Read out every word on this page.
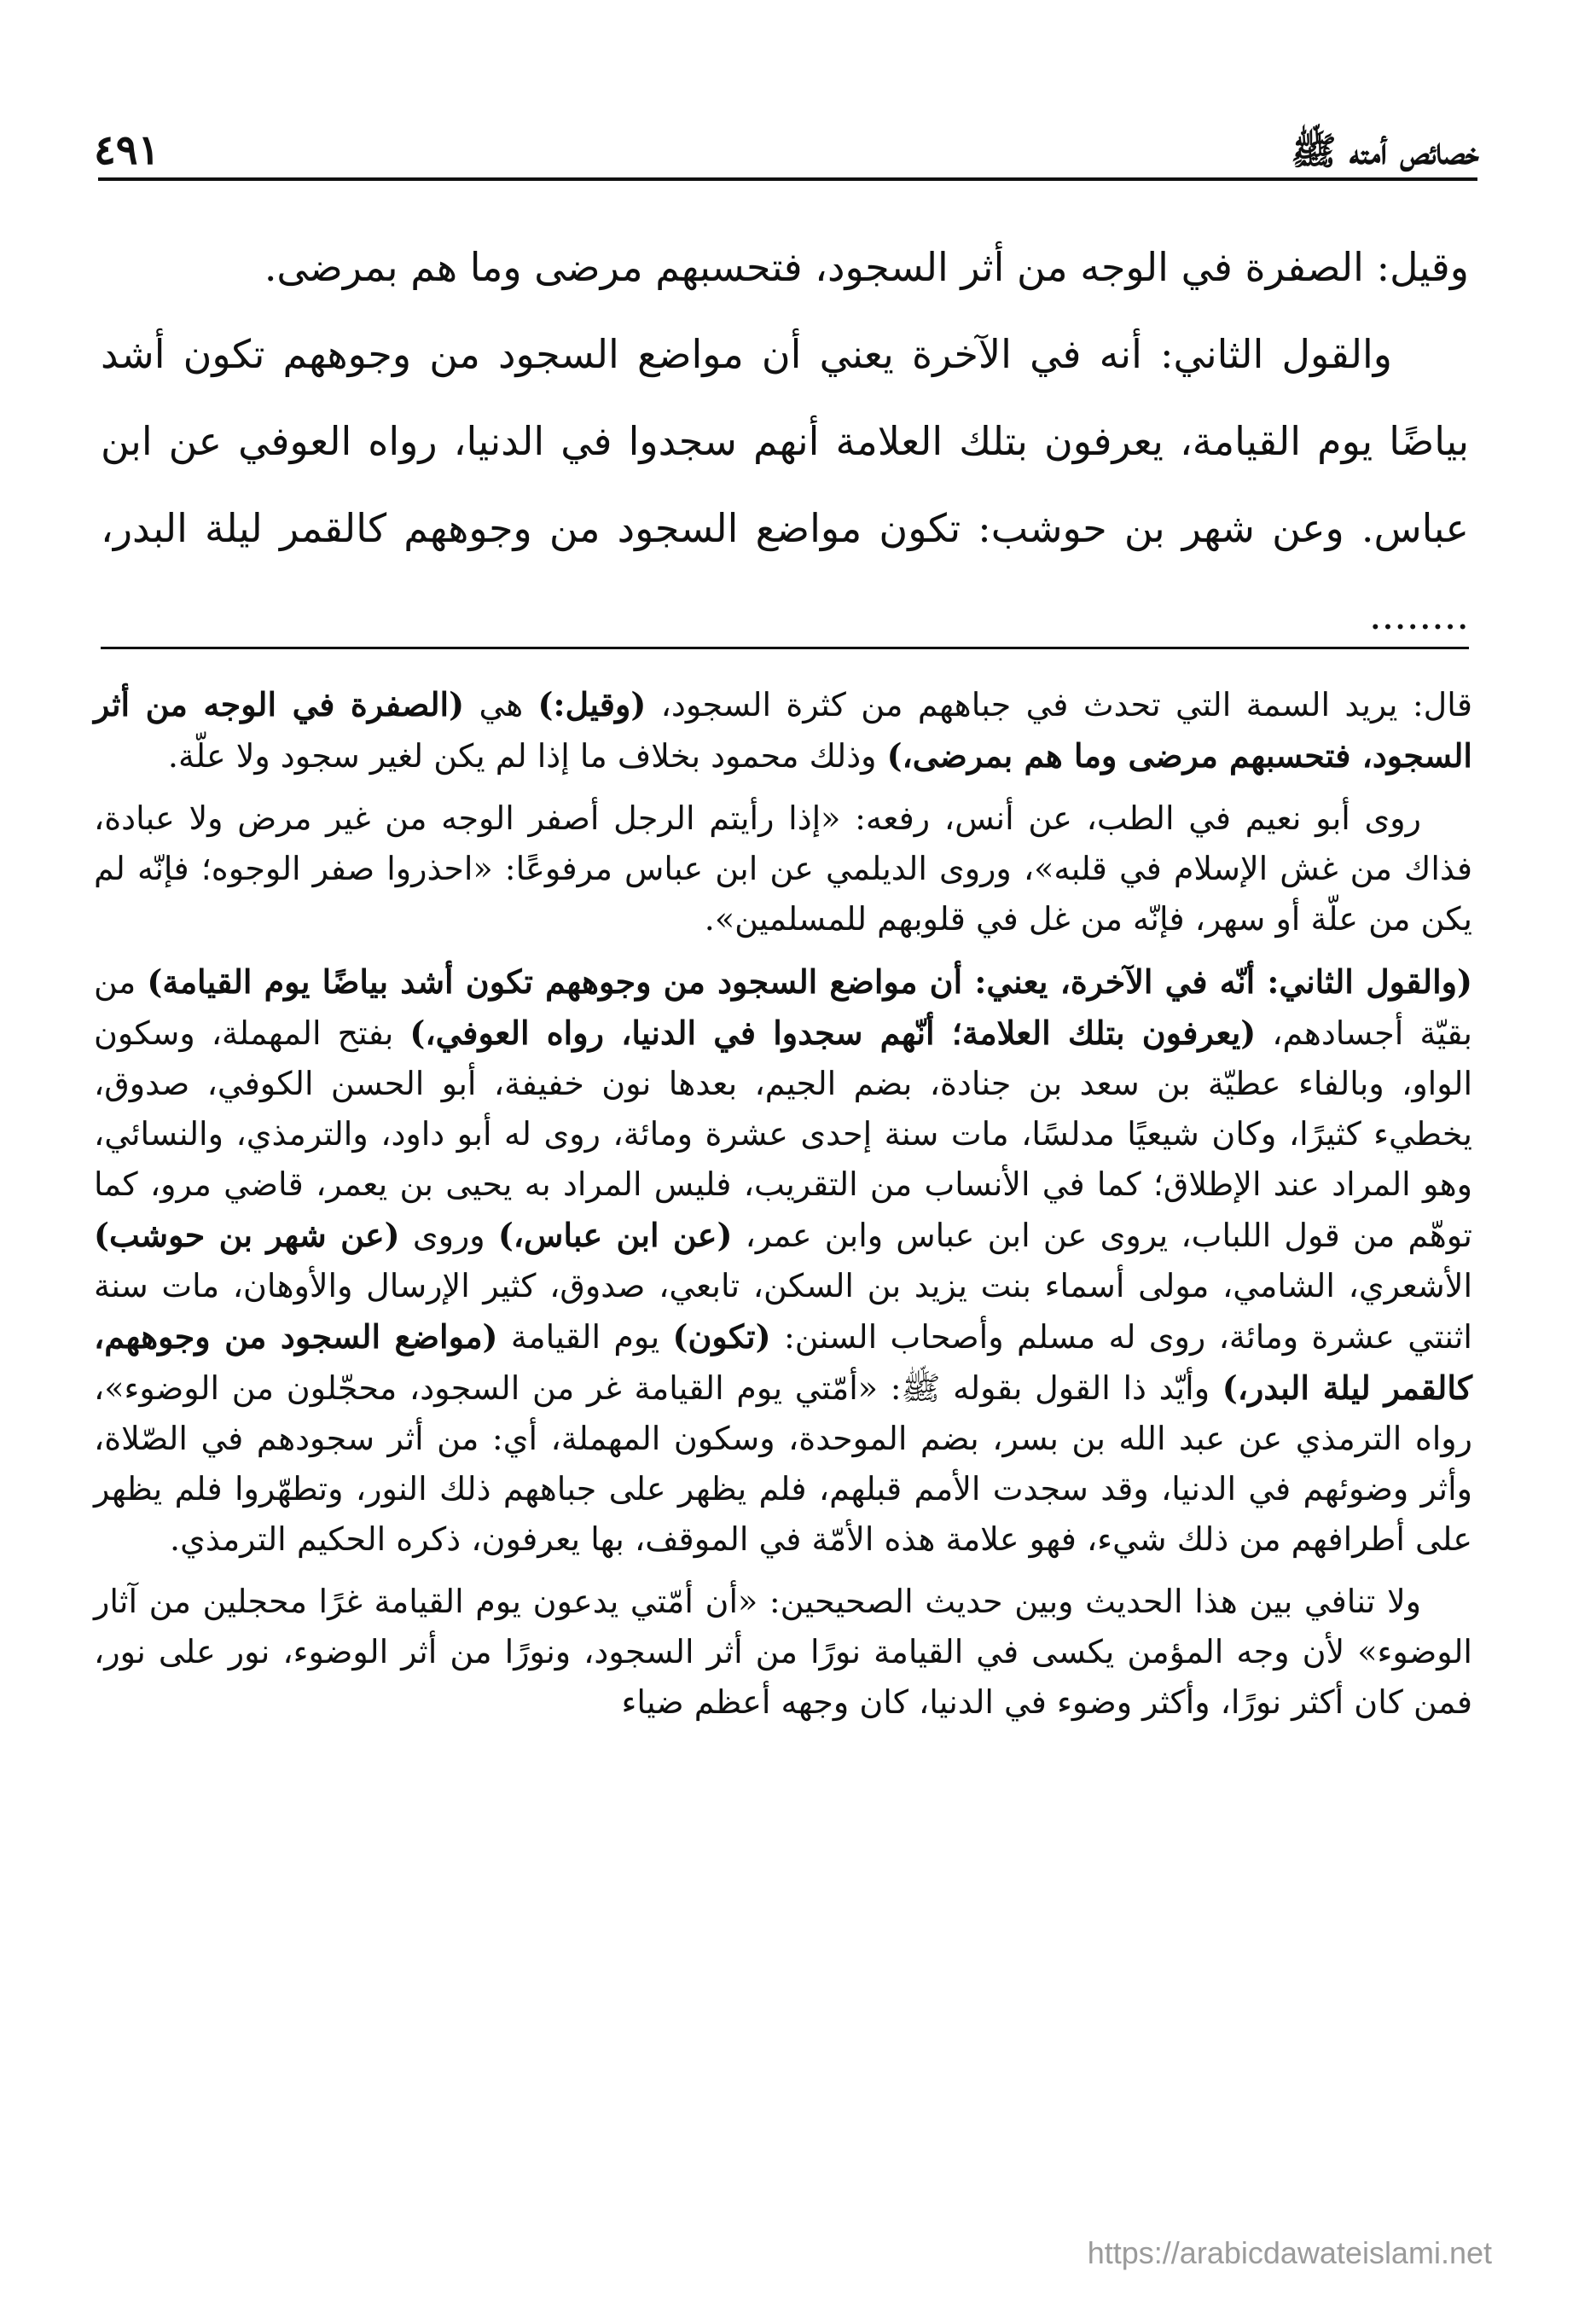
خصائص أمته ﷺ
٤٩١

وقيل: الصفرة في الوجه من أثر السجود، فتحسبهم مرضى وما هم بمرضى.

والقول الثاني: أنه في الآخرة يعني أن مواضع السجود من وجوههم تكون أشد بياضًا يوم القيامة، يعرفون بتلك العلامة أنهم سجدوا في الدنيا، رواه العوفي عن ابن عباس. وعن شهر بن حوشب: تكون مواضع السجود من وجوههم كالقمر ليلة البدر، ........

قال: يريد السمة التي تحدث في جباههم من كثرة السجود، (وقيل:) هي (الصفرة في الوجه من أثر السجود، فتحسبهم مرضى وما هم بمرضى،) وذلك محمود بخلاف ما إذا لم يكن لغير سجود ولا علّة.

روى أبو نعيم في الطب، عن أنس، رفعه: «إذا رأيتم الرجل أصفر الوجه من غير مرض ولا عبادة، فذاك من غش الإسلام في قلبه»، وروى الديلمي عن ابن عباس مرفوعًا: «احذروا صفر الوجوه؛ فإنّه لم يكن من علّة أو سهر، فإنّه من غل في قلوبهم للمسلمين».

(والقول الثاني: أنّه في الآخرة، يعني: أن مواضع السجود من وجوههم تكون أشد بياضًا يوم القيامة) من بقيّة أجسادهم، (يعرفون بتلك العلامة؛ أنّهم سجدوا في الدنيا، رواه العوفي،) بفتح المهملة، وسكون الواو، وبالفاء عطيّة بن سعد بن جنادة، بضم الجيم، بعدها نون خفيفة، أبو الحسن الكوفي، صدوق، يخطيء كثيرًا، وكان شيعيًا مدلسًا، مات سنة إحدى عشرة ومائة، روى له أبو داود، والترمذي، والنسائي، وهو المراد عند الإطلاق؛ كما في الأنساب من التقريب، فليس المراد به يحيى بن يعمر، قاضي مرو، كما توهّم من قول اللباب، يروى عن ابن عباس وابن عمر، (عن ابن عباس،) وروى (عن شهر بن حوشب) الأشعري، الشامي، مولى أسماء بنت يزيد بن السكن، تابعي، صدوق، كثير الإرسال والأوهان، مات سنة اثنتي عشرة ومائة، روى له مسلم وأصحاب السنن: (تكون) يوم القيامة (مواضع السجود من وجوههم، كالقمر ليلة البدر،) وأيّد ذا القول بقوله ﷺ: «أمّتي يوم القيامة غر من السجود، محجّلون من الوضوء»، رواه الترمذي عن عبد الله بن بسر، بضم الموحدة، وسكون المهملة، أي: من أثر سجودهم في الصّلاة، وأثر وضوئهم في الدنيا، وقد سجدت الأمم قبلهم، فلم يظهر على جباههم ذلك النور، وتطهّروا فلم يظهر على أطرافهم من ذلك شيء، فهو علامة هذه الأمّة في الموقف، بها يعرفون، ذكره الحكيم الترمذي.

ولا تنافي بين هذا الحديث وبين حديث الصحيحين: «أن أمّتي يدعون يوم القيامة غرًا محجلين من آثار الوضوء» لأن وجه المؤمن يكسى في القيامة نورًا من أثر السجود، ونورًا من أثر الوضوء، نور على نور، فمن كان أكثر نورًا، وأكثر وضوء في الدنيا، كان وجهه أعظم ضياء

https://arabicdawateislami.net
